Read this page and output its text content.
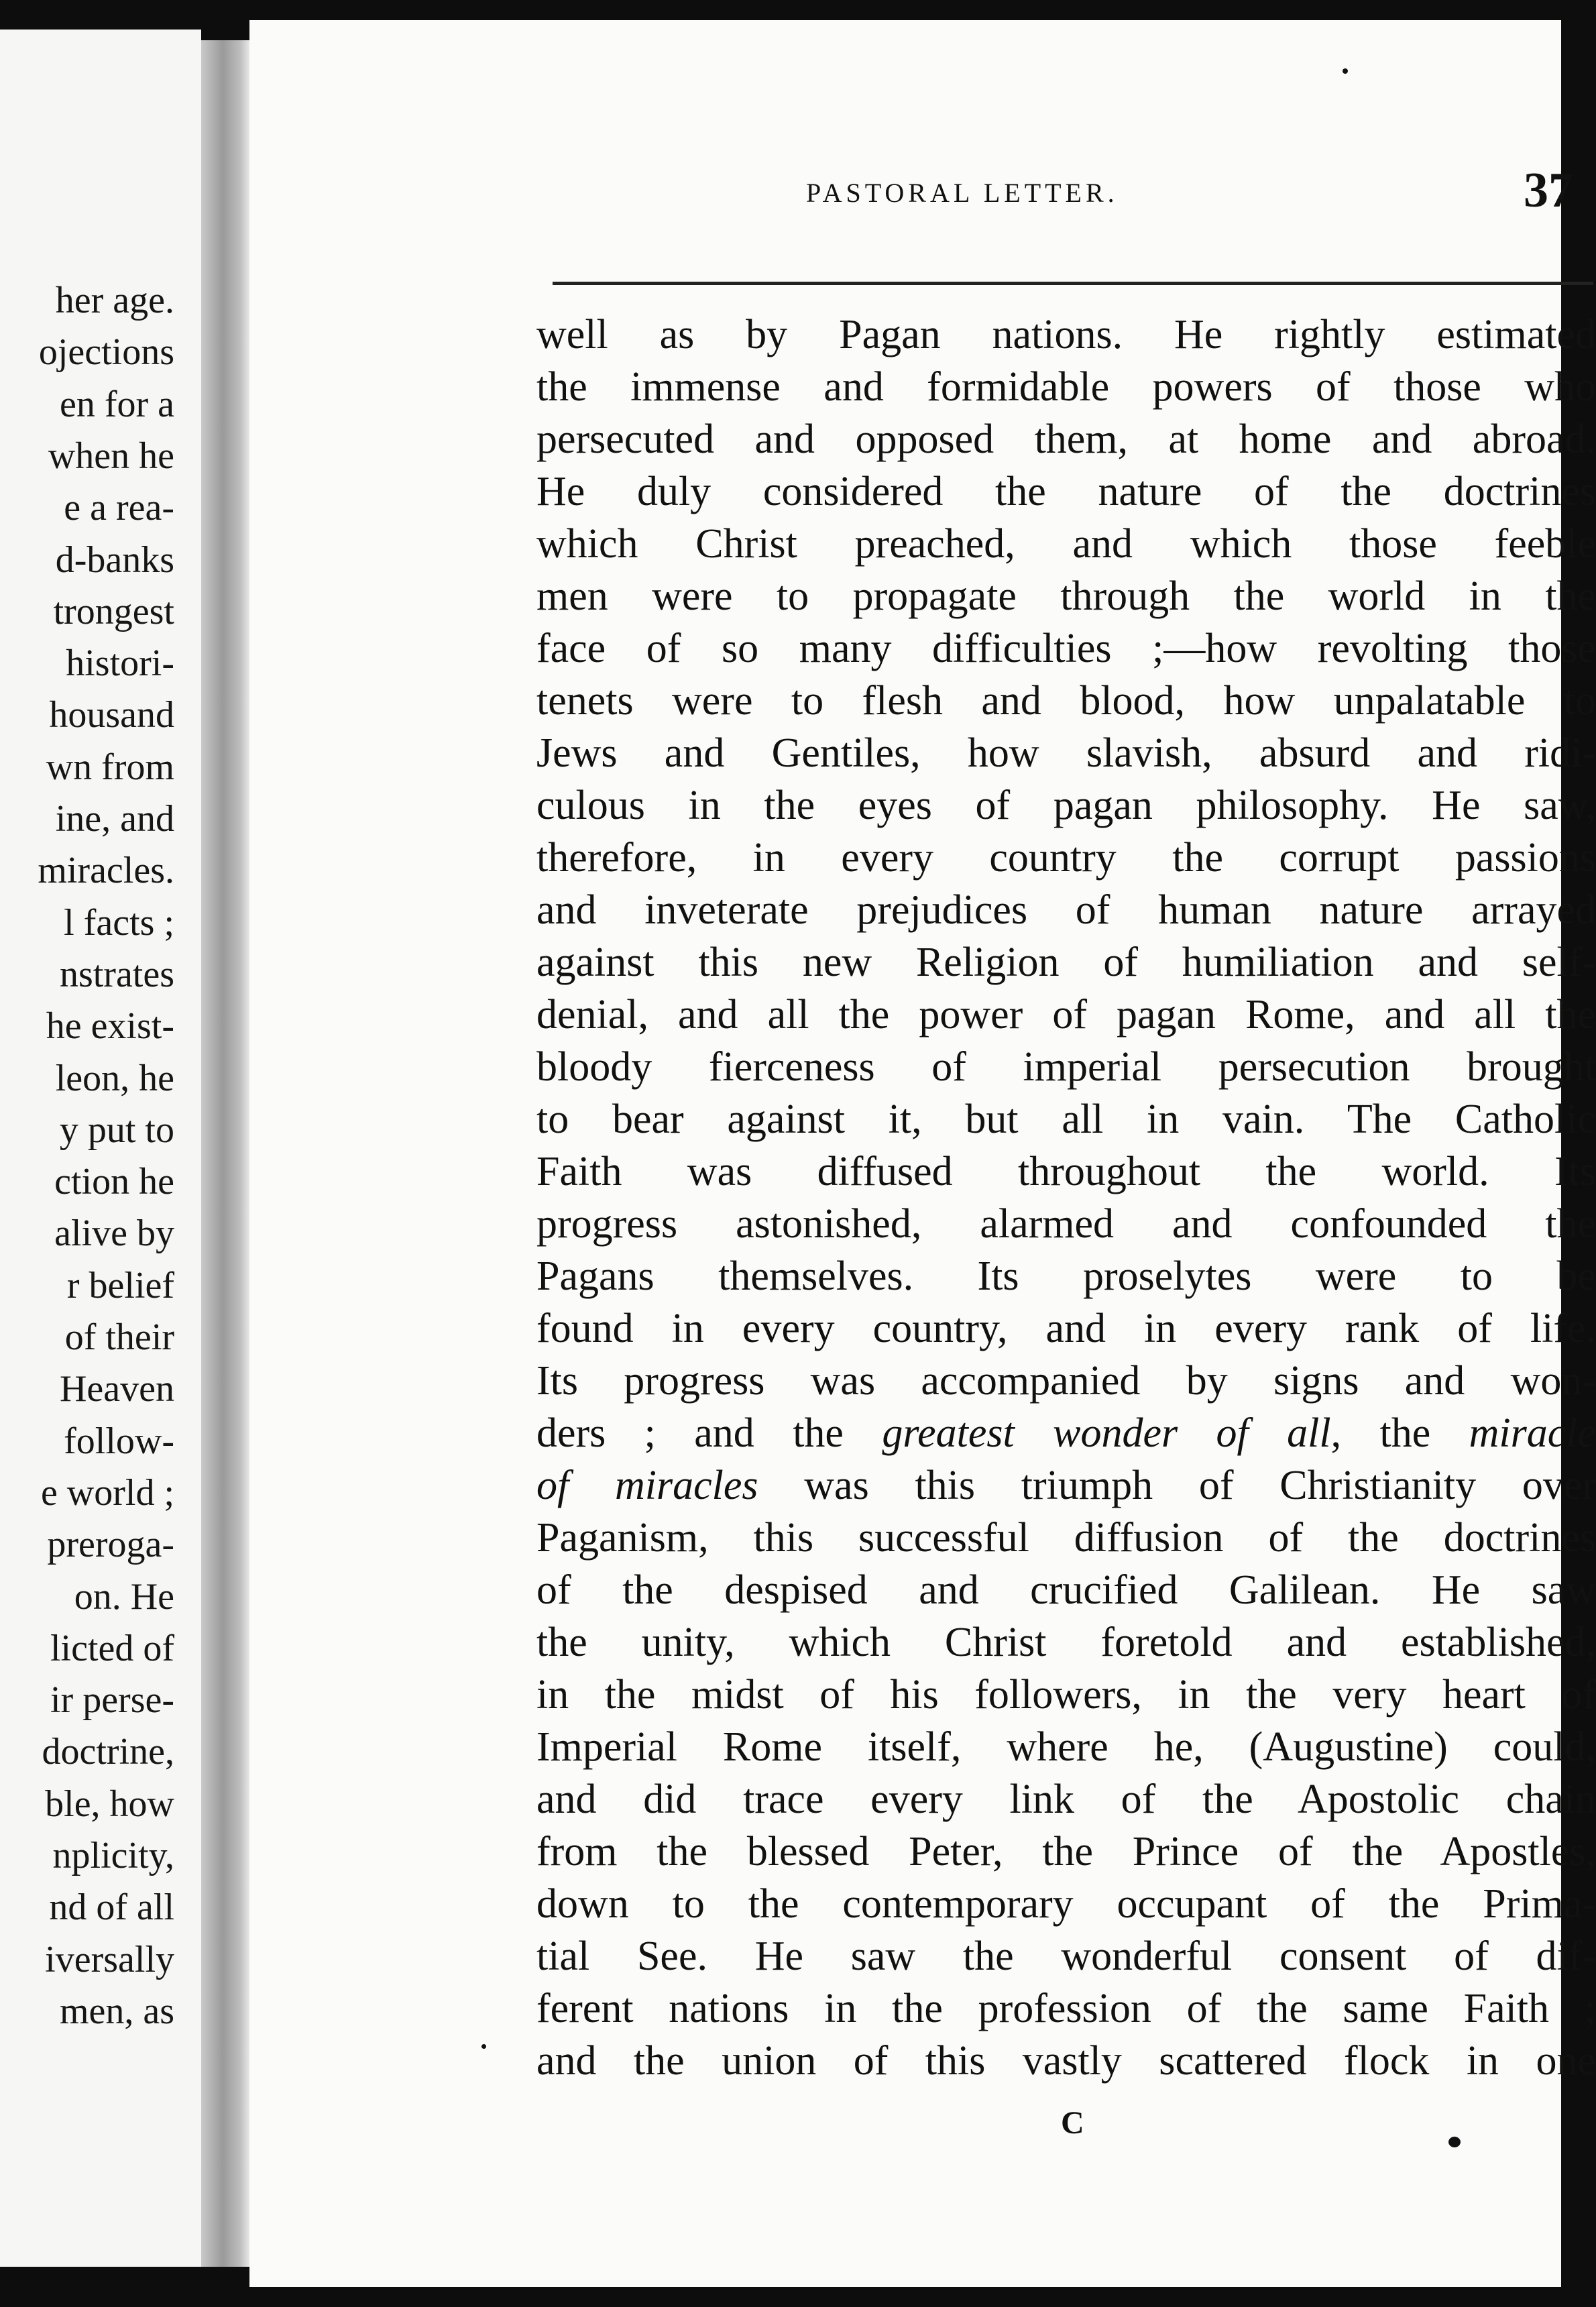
her age.
ojections
en for a
when he
e a rea-
d-banks
trongest
histori-
housand
wn from
ine, and
miracles.
l facts ;
nstrates
he exist-
leon, he
y put to
ction he
alive by
r belief
of their
Heaven
follow-
e world ;
preroga-
on. He
licted of
ir perse-
doctrine,
ble, how
nplicity,
nd of all
iversally
men, as
PASTORAL LETTER.	37
well as by Pagan nations. He rightly estimated
the immense and formidable powers of those who
persecuted and opposed them, at home and abroad.
He duly considered the nature of the doctrines
which Christ preached, and which those feeble
men were to propagate through the world in the
face of so many difficulties ;—how revolting those
tenets were to flesh and blood, how unpalatable to
Jews and Gentiles, how slavish, absurd and ridi-
culous in the eyes of pagan philosophy. He saw,
therefore, in every country the corrupt passions
and inveterate prejudices of human nature arrayed
against this new Religion of humiliation and self-
denial, and all the power of pagan Rome, and all the
bloody fierceness of imperial persecution brought
to bear against it, but all in vain. The Catholic
Faith was diffused throughout the world. Its
progress astonished, alarmed and confounded the
Pagans themselves. Its proselytes were to be
found in every country, and in every rank of life.
Its progress was accompanied by signs and won-
ders ; and the greatest wonder of all, the miracle
of miracles was this triumph of Christianity over
Paganism, this successful diffusion of the doctrines
of the despised and crucified Galilean. He saw
the unity, which Christ foretold and established,
in the midst of his followers, in the very heart of
Imperial Rome itself, where he, (Augustine) could,
and did trace every link of the Apostolic chain
from the blessed Peter, the Prince of the Apostles,
down to the contemporary occupant of the Prima-
tial See. He saw the wonderful consent of dif-
ferent nations in the profession of the same Faith ;
and the union of this vastly scattered flock in one
C
